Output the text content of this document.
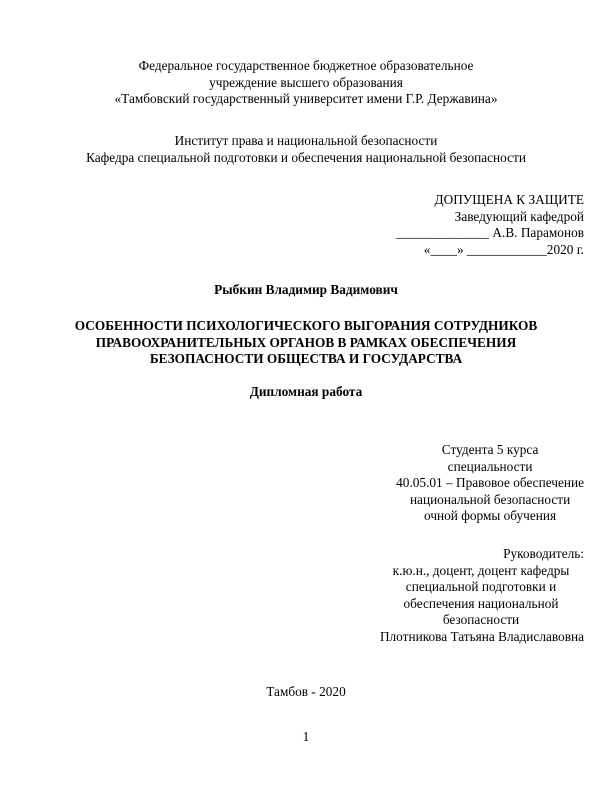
Федеральное государственное бюджетное образовательное
учреждение высшего образования
«Тамбовский государственный университет имени Г.Р. Державина»
Институт права и национальной безопасности
Кафедра специальной подготовки и обеспечения национальной безопасности
ДОПУЩЕНА К ЗАЩИТЕ
Заведующий кафедрой
______________ А.В. Парамонов
«____» ____________2020 г.
Рыбкин Владимир Вадимович
ОСОБЕННОСТИ ПСИХОЛОГИЧЕСКОГО ВЫГОРАНИЯ СОТРУДНИКОВ
ПРАВООХРАНИТЕЛЬНЫХ ОРГАНОВ В РАМКАХ ОБЕСПЕЧЕНИЯ
БЕЗОПАСНОСТИ ОБЩЕСТВА И ГОСУДАРСТВА
Дипломная работа
Студента 5 курса
специальности
40.05.01 – Правовое обеспечение
национальной безопасности
очной формы обучения
Руководитель:
к.ю.н., доцент, доцент кафедры
специальной подготовки и
обеспечения национальной
безопасности
Плотникова Татьяна Владиславовна
Тамбов - 2020
1
